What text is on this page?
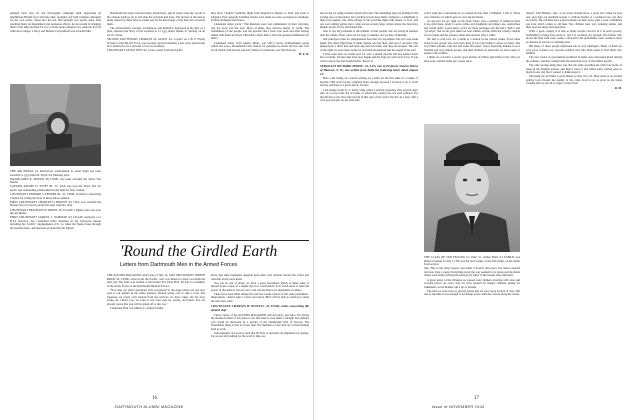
pledged their best for the Norwegian campaign until supporting an amphibious British force with the other, promptly and with complete disregard for his own safety, dived into the sea. His strength was nearly spent after reaching them, he determined and strenuous efforts, he succeeded in bringing them to the ship and then for two or three hours refused to be relieved. For his calm and courage, a Navy and Marine Corps Medal was awarded him.

THE AIR MEDAL for meritorious achievement in aerial flight has been awarded Lt. (jg) James B. Wyatt '44, Mustang pilot.

MAJOR JOHN R. MAYER '38, USMC, has been awarded the Silver Star Medal.

CAPTAIN ARCHIE D. SWIFT JR. '31, USA, has won the Silver Star for heroic and outstanding achievement in the fight for New Guinea.

LIEUTENANT EDWARD S. FENNER JR. '41, USNR, awarded a Lifesaving Citation for saving the lives of three fellow seamen.

FIRST LIEUTENANT CHARLES D. BROWN '43, USA, was awarded the Bronze Star for bravery under fire near Cisterna, Italy.

LIEUTENANT FRANKLIN H. MINOT '40, USAAF, a fighter pilot, has won the Air Medal.

FIRST LIEUTENANT SAMUEL L. NORMAN '43, USAAF, navigator of a B-24 Liberator, has completed thirty missions in the European theater including the "terrific" engagements at St. Lo when the Yanks broke through the German lines, and has been awarded the Air Medal.

Dartmouth has been awarded many distinctions, and in some cases the words of the citation itself go far to tell what the recipient had done. The picture of the man is made clearer by these brief accounts and by the knowledge of the men who received them.

The extraordinary courage, promptness, and initiative, displayed in his duty as a pilot, inspired the Navy Cross awarded to Lt. (jg) James Weeks Jr. Serving on an escort carrier.

SECOND LIEUTENANT CHARLES M. ALLEN '43, co-pilot on a B-17 Flying Fortress of the 8th Air Force, was recently reported missing. Later news reports that he is believed to be a prisoner of war in Germany.

LIEUTENANT ALLEN NEW '42, wrote a letter from the Pacific.

they drew "double" bombing flight from England to Russia, to Italy, and back to England. Four separate bombing attacks were made en route on targets in Germany, Poland, Romania and France.

Lieutenant Allen wrote: "The Russians were very enthusiastic in their welcome, and the food was the best. Most of them, they deserve plenty of credit. The friendliness of the people was the greatest that I have ever seen and after having talked with them and lived with them a short time, I have the greatest admiration for them."

Lieutenant Allen, from Austin, Minn., was with a heavy bombardment group which has won a Presidential Unit citation for gallantry in action. He has also won an air medal with several oak leaf clusters for missions over Nazi Europe.

H. F. W.

'Round the Girdled Earth
Letters from Dartmouth Men in the Armed Forces

THE ALUMNI MAGAZINE under date of July 14, 1944 LIEUTENANT JOSEPH BRUR '41, USNR, writes from the Pacific, who was killed in action on Guam the next day. The letter was written to his brother Pvt. Peter Brur '46 who is a member of the Army Forces at the Dartmouth Medical School.

"Now that our shore operations have progressed to the stage where not one shot goes is our gunner in the entire gunnery without going over to take a look. The Japanese are pretty well cleared from the territory we have taken, but it's slow going. As I knew you, we want to rest your own up, exams, and hunts. You are already aware that you will be going off to die, Joe."

Lieutenant Brur was killed by a sniper's bullet.

know that their happiness depends upon their own attitude toward the world and what the world owes them.

You can be one of those; we have a great assortment which at times takes to myself in the course of a single day. Is it worth much? It is worth more to have the power of the mind to choose one's own actions than to be dependent on others.

There have been times during the past few weeks when I've felt quite pessimistic, impressions—them I take a corner once more. But I will be able to stand up to meet the tests that come.

LIEUTENANT CHARLES H. HOWELL '42, USNR, writes concerning life aboard ship:

Three copies of the ALUMNI MAGAZINE arrived today, and since I'm giving the mother-brother of all prizes to the first man to read them, I thought that perhaps you would be interested in a picture of the Dartmouth Club of Tucson. The remarkable thing is that no fewer than five members of the club are at this moment hard at work.

Unfortunately our work is such that I'll have to describe our shipmates too deeply, for we are still waiting for the word to ship out.

16
DARTMOUTH ALUMNI MAGAZINE

last except for aging troubles which still exist. The remaining Japs are holding in the swamp area on the island, but watchful patrols keep them confined to a minimum of their food supply. The daily pillage of bar provides them with plenty of food, and our own raiding parties have come across several large caches where the Japs have hidden stocks of rice and tinned fish.

One of our big problems is the number of hurt people who are living in shelters near the camps. Their cases are not easy to remedy, nor are they all healthy.

Our principal cause for sleeplessness has been our Jap-snipers but our costs seem small. The other night three of them outside our tent fired, and one of our men, who jumped into a ditch that had been dug near his bunk, and they all escaped. The rest of the night we were kept awake by recurrent mosquitoes and the sound of the surf.

I have been here on Guam now for over a month and the life has settled down into a routine, but the rains have now begun and the bugs are with us in force. If you want to know the real South Pacific, here it is.

SERGEANT RICHARD MORSE '44, AUS, one of Professor Stearns Morse of Hanover, N. H., has written from India the following letter, dated August 13:

Here I am sitting on a bench writing on a table for the first time in a couple of months. This won't be my complete letter, though, because I do have to go to work shortly and there is a great deal to do here.

I am sitting in the U. S. Army camp where I arrived yesterday after several days' ride on a troop train, the accounts of which this country has not seen realized. For myself this is my first railroad trip in this part of the world. We live in a tent, with a very good picture on the train ride.

world wash the countryside as we passed slower than a Pullman. I call it. There was a kitchen car which gave us very decent meals.

At one part we got right on the train. There were a number of American Red Cross girls there, ready to serve coffee and doughnuts and ginger ale, sandwiches and cream puffs. I paid quite a price for three packages and the girl's "hello" and "goodbye" and we all gave them our best wishes. All the while the country outside was so green and the scenery rather monotonous after a while.

We had to wait over for a while at a station in the central plains. Food came along in the people who sell every kind of food and drink to those on trains. The boys liked chicken with rice and some flat bread. I have found the Indians to be a friendly and very simple people, and their children in particular are most eager to speak to the soldiers.

I think we can have a pretty good picture of Indian agriculture from what we have seen, and the trains are a great show.

THE CLASS OF 1938 FELLOW for 1942, Lt. Arthur Buck '41 USMCR was killed at Saipan on July 21. He was the first winner of the fellowship, on his return from service.

ride. This is the rainy season, and while it doesn't rain every day there's usually rain four days a week. Everything along the way seemed to be green and the fields which were being cultivated looked good. Most of the houses were mud huts.

A great many of the villagers we passed were farmers plowing with oxen and wooden plows. At every stop we were greeted by hungry children asking for baksheesh, as the Indians call a tip or present.

The hats we wore were so greatly prized that we gave away several of ours. The rest of the time it was enough to exchange waves with the crowds along the tracks.

church, Sam Bennan, who, as an artist, should know a good face when he sees one, says they are beautiful people. I, without benefit of a technical eye, say they are pretty. The old men have a great patience in their faces, plus a wise, sometimes sad look which comes to old men. The children have very winning smiles, and their eyes are large and expressive.

What a great country it is that so many people can live in it in such poverty. Something is being done about it, but it is certainly not enough. The farmer who plows his land with oxen, using a stick-plow his grandfather used, seems to have no interest in tractors or anything new.

But many of these people impressed me as very intelligent. Many of them are very good workers too, and the soldiers who hire them seem to find them very faithful.

The new forms of government promised in India were discussed much among the soldiers, and they realized that the American way of life differs greatly.

The only strange thing here was that the army provided me with four hours of sleep in the English quarter, and then I went to bed rather early, having seen so much in one day that I wanted to think about it.

The main job provided a good dinner so that our C.R. Here there is no trouble getting food, though the quality of the camp food is not as good as the home cooking that we are all so eager to have back.

R. M.

17
Issue of NOVEMBER 1944
